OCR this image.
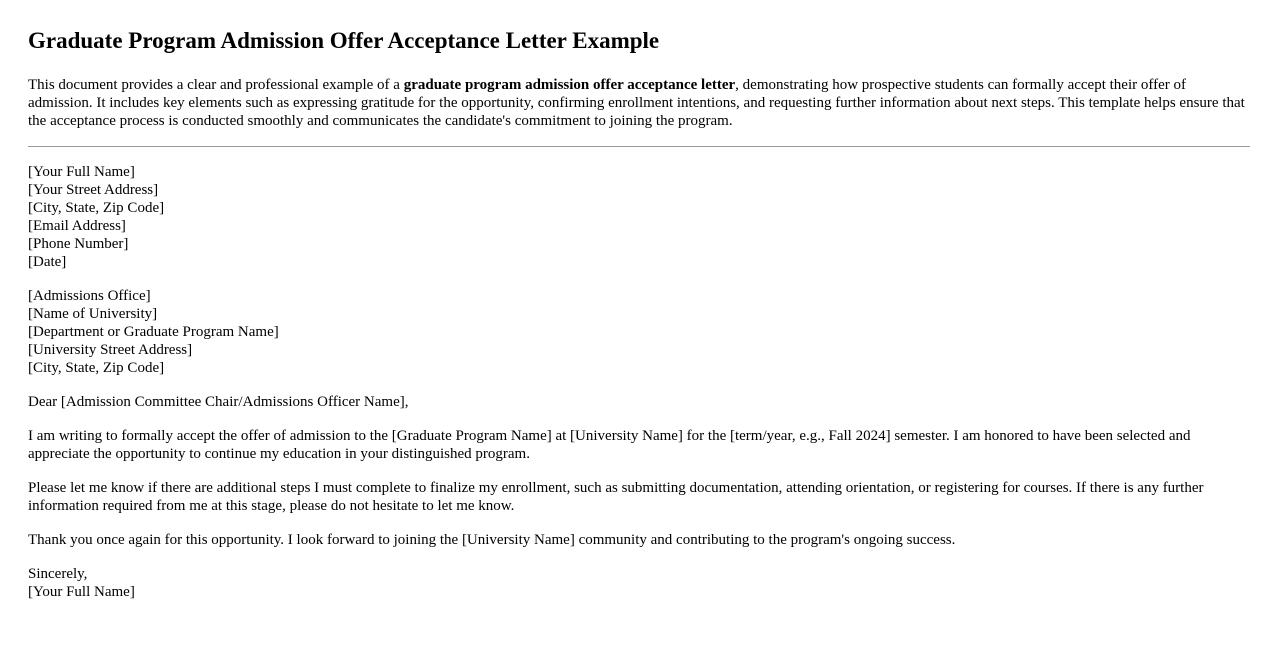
Graduate Program Admission Offer Acceptance Letter Example

This document provides a clear and professional example of a graduate program admission offer acceptance letter, demonstrating how prospective students can formally accept their offer of admission. It includes key elements such as expressing gratitude for the opportunity, confirming enrollment intentions, and requesting further information about next steps. This template helps ensure that the acceptance process is conducted smoothly and communicates the candidate's commitment to joining the program.

[Your Full Name]
[Your Street Address]
[City, State, Zip Code]
[Email Address]
[Phone Number]
[Date]
[Admissions Office]
[Name of University]
[Department or Graduate Program Name]
[University Street Address]
[City, State, Zip Code]

Dear [Admission Committee Chair/Admissions Officer Name],

I am writing to formally accept the offer of admission to the [Graduate Program Name] at [University Name] for the [term/year, e.g., Fall 2024] semester. I am honored to have been selected and appreciate the opportunity to continue my education in your distinguished program.

Please let me know if there are additional steps I must complete to finalize my enrollment, such as submitting documentation, attending orientation, or registering for courses. If there is any further information required from me at this stage, please do not hesitate to let me know.

Thank you once again for this opportunity. I look forward to joining the [University Name] community and contributing to the program's ongoing success.

Sincerely,
[Your Full Name]
